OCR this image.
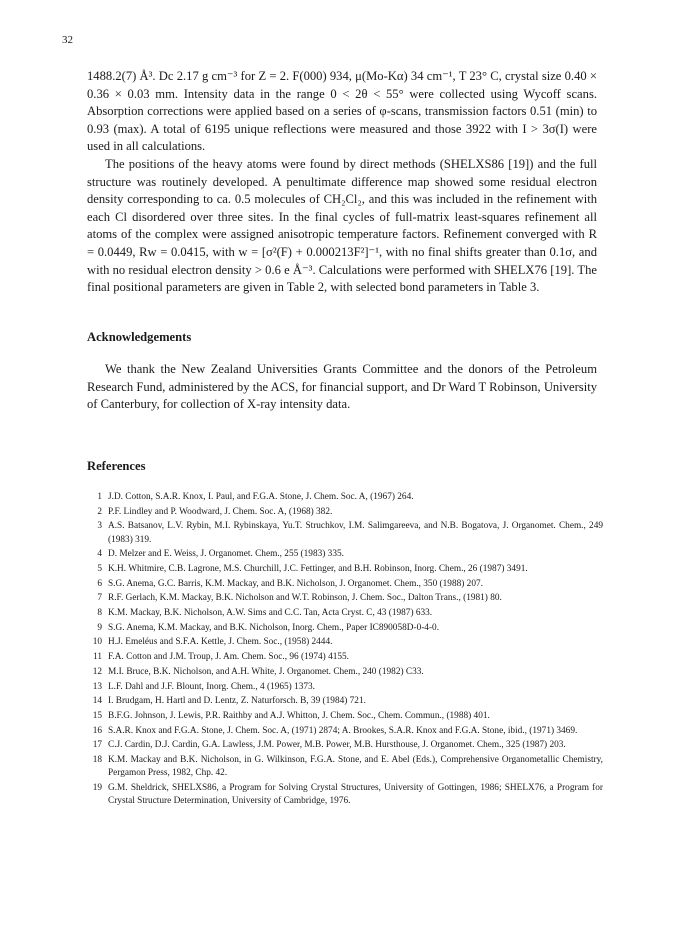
32

1488.2(7) Å³. Dc 2.17 g cm⁻³ for Z = 2. F(000) 934, μ(Mo-Kα) 34 cm⁻¹, T 23° C, crystal size 0.40 × 0.36 × 0.03 mm. Intensity data in the range 0 < 2θ < 55° were collected using Wycoff scans. Absorption corrections were applied based on a series of φ-scans, transmission factors 0.51 (min) to 0.93 (max). A total of 6195 unique reflections were measured and those 3922 with I > 3σ(I) were used in all calculations.

The positions of the heavy atoms were found by direct methods (SHELXS86 [19]) and the full structure was routinely developed. A penultimate difference map showed some residual electron density corresponding to ca. 0.5 molecules of CH₂Cl₂, and this was included in the refinement with each Cl disordered over three sites. In the final cycles of full-matrix least-squares refinement all atoms of the complex were assigned anisotropic temperature factors. Refinement converged with R = 0.0449, Rw = 0.0415, with w = [σ²(F) + 0.000213F²]⁻¹, with no final shifts greater than 0.1σ, and with no residual electron density > 0.6 e Å⁻³. Calculations were performed with SHELX76 [19]. The final positional parameters are given in Table 2, with selected bond parameters in Table 3.

Acknowledgements

We thank the New Zealand Universities Grants Committee and the donors of the Petroleum Research Fund, administered by the ACS, for financial support, and Dr Ward T Robinson, University of Canterbury, for collection of X-ray intensity data.

References
1 J.D. Cotton, S.A.R. Knox, I. Paul, and F.G.A. Stone, J. Chem. Soc. A, (1967) 264.
2 P.F. Lindley and P. Woodward, J. Chem. Soc. A, (1968) 382.
3 A.S. Batsanov, L.V. Rybin, M.I. Rybinskaya, Yu.T. Struchkov, I.M. Salimgareeva, and N.B. Bogatova, J. Organomet. Chem., 249 (1983) 319.
4 D. Melzer and E. Weiss, J. Organomet. Chem., 255 (1983) 335.
5 K.H. Whitmire, C.B. Lagrone, M.S. Churchill, J.C. Fettinger, and B.H. Robinson, Inorg. Chem., 26 (1987) 3491.
6 S.G. Anema, G.C. Barris, K.M. Mackay, and B.K. Nicholson, J. Organomet. Chem., 350 (1988) 207.
7 R.F. Gerlach, K.M. Mackay, B.K. Nicholson and W.T. Robinson, J. Chem. Soc., Dalton Trans., (1981) 80.
8 K.M. Mackay, B.K. Nicholson, A.W. Sims and C.C. Tan, Acta Cryst. C, 43 (1987) 633.
9 S.G. Anema, K.M. Mackay, and B.K. Nicholson, Inorg. Chem., Paper IC890058D-0-4-0.
10 H.J. Emeléus and S.F.A. Kettle, J. Chem. Soc., (1958) 2444.
11 F.A. Cotton and J.M. Troup, J. Am. Chem. Soc., 96 (1974) 4155.
12 M.I. Bruce, B.K. Nicholson, and A.H. White, J. Organomet. Chem., 240 (1982) C33.
13 L.F. Dahl and J.F. Blount, Inorg. Chem., 4 (1965) 1373.
14 I. Brudgam, H. Hartl and D. Lentz, Z. Naturforsch. B, 39 (1984) 721.
15 B.F.G. Johnson, J. Lewis, P.R. Raithby and A.J. Whitton, J. Chem. Soc., Chem. Commun., (1988) 401.
16 S.A.R. Knox and F.G.A. Stone, J. Chem. Soc. A, (1971) 2874; A. Brookes, S.A.R. Knox and F.G.A. Stone, ibid., (1971) 3469.
17 C.J. Cardin, D.J. Cardin, G.A. Lawless, J.M. Power, M.B. Power, M.B. Hursthouse, J. Organomet. Chem., 325 (1987) 203.
18 K.M. Mackay and B.K. Nicholson, in G. Wilkinson, F.G.A. Stone, and E. Abel (Eds.), Comprehensive Organometallic Chemistry, Pergamon Press, 1982, Chp. 42.
19 G.M. Sheldrick, SHELXS86, a Program for Solving Crystal Structures, University of Gottingen, 1986; SHELX76, a Program for Crystal Structure Determination, University of Cambridge, 1976.
